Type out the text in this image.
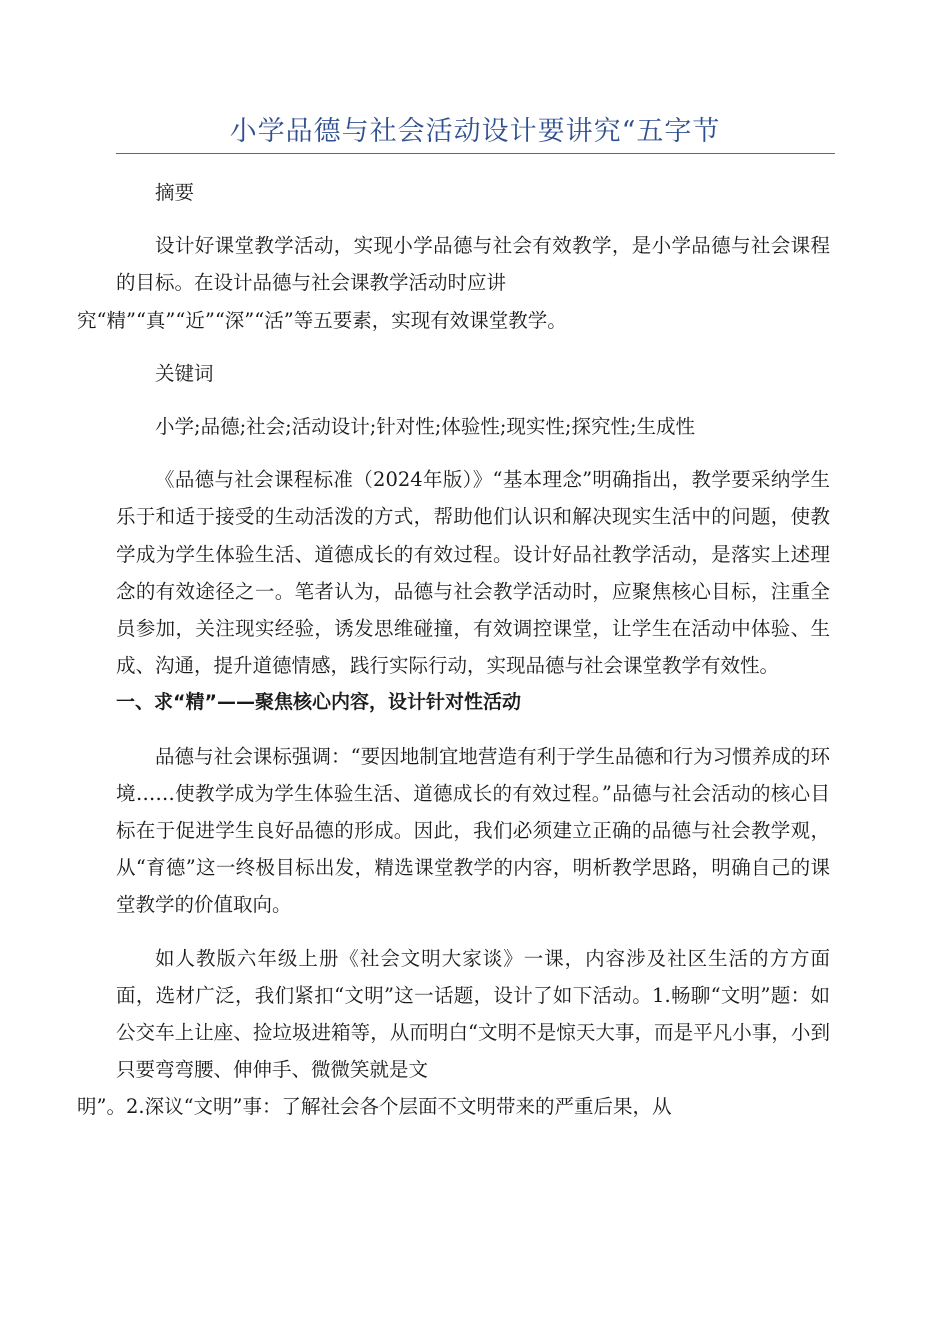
小学品德与社会活动设计要讲究“五字节

摘要

设计好课堂教学活动，实现小学品德与社会有效教学，是小学品德与社会课程的目标。在设计品德与社会课教学活动时应讲
究“精”“真”“近”“深”“活”等五要素，实现有效课堂教学。

关键词

小学;品德;社会;活动设计;针对性;体验性;现实性;探究性;生成性

《品德与社会课程标准（2024年版）》“基本理念”明确指出，教学要采纳学生乐于和适于接受的生动活泼的方式，帮助他们认识和解决现实生活中的问题，使教学成为学生体验生活、道德成长的有效过程。设计好品社教学活动，是落实上述理念的有效途径之一。笔者认为，品德与社会教学活动时，应聚焦核心目标，注重全员参加，关注现实经验，诱发思维碰撞，有效调控课堂，让学生在活动中体验、生成、沟通，提升道德情感，践行实际行动，实现品德与社会课堂教学有效性。

一、求“精”——聚焦核心内容，设计针对性活动

品德与社会课标强调：“要因地制宜地营造有利于学生品德和行为习惯养成的环境……使教学成为学生体验生活、道德成长的有效过程。”品德与社会活动的核心目标在于促进学生良好品德的形成。因此，我们必须建立正确的品德与社会教学观，从“育德”这一终极目标出发，精选课堂教学的内容，明析教学思路，明确自己的课堂教学的价值取向。

如人教版六年级上册《社会文明大家谈》一课，内容涉及社区生活的方方面面，选材广泛，我们紧扣“文明”这一话题，设计了如下活动。1.畅聊“文明”题：如公交车上让座、捡垃圾进箱等，从而明白“文明不是惊天大事，而是平凡小事，小到只要弯弯腰、伸伸手、微微笑就是文
明”。2.深议“文明”事：了解社会各个层面不文明带来的严重后果，从
